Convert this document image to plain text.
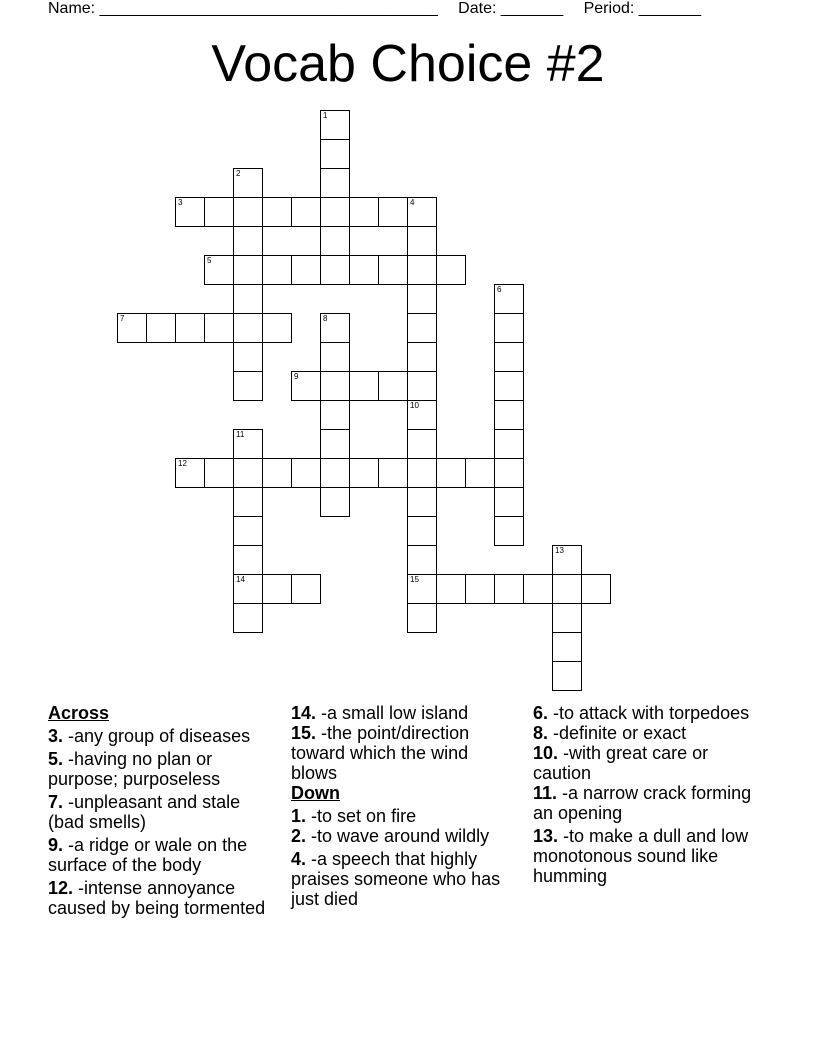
Name: ______________________________________ Date: _______ Period: _______
Vocab Choice #2
1
2
3	4
5
6
7	8
9
10
15
11
14
12
13
Across
3. -any group of diseases
5. -having no plan or purpose; purposeless
7. -unpleasant and stale (bad smells)
9. -a ridge or wale on the surface of the body
12. -intense annoyance caused by being tormented
14. -a small low island
15. -the point/direction toward which the wind blows
Down
1. -to set on fire
2. -to wave around wildly
4. -a speech that highly praises someone who has just died
6. -to attack with torpedoes
8. -definite or exact
10. -with great care or caution
11. -a narrow crack forming an opening
13. -to make a dull and low monotonous sound like humming
